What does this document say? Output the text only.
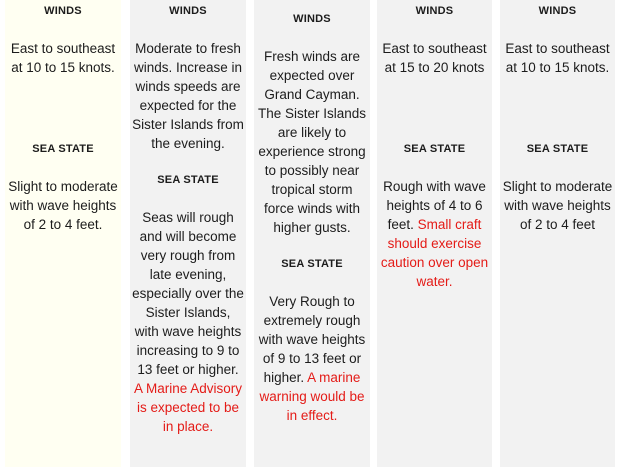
WINDS
East to southeast at 10 to 15 knots.
SEA STATE
Slight to moderate with wave heights of 2 to 4 feet.
WINDS
Moderate to fresh winds. Increase in winds speeds are expected for the Sister Islands from the evening.
SEA STATE
Seas will rough and will become very rough from late evening, especially over the Sister Islands, with wave heights increasing to 9 to 13 feet or higher. A Marine Advisory is expected to be in place.
WINDS
Fresh winds are expected over Grand Cayman. The Sister Islands are likely to experience strong to possibly near tropical storm force winds with higher gusts.
SEA STATE
Very Rough to extremely rough with wave heights of 9 to 13 feet or higher. A marine warning would be in effect.
WINDS
East to southeast at 15 to 20 knots
SEA STATE
Rough with wave heights of 4 to 6 feet. Small craft should exercise caution over open water.
WINDS
East to southeast at 10 to 15 knots.
SEA STATE
Slight to moderate with wave heights of 2 to 4 feet
